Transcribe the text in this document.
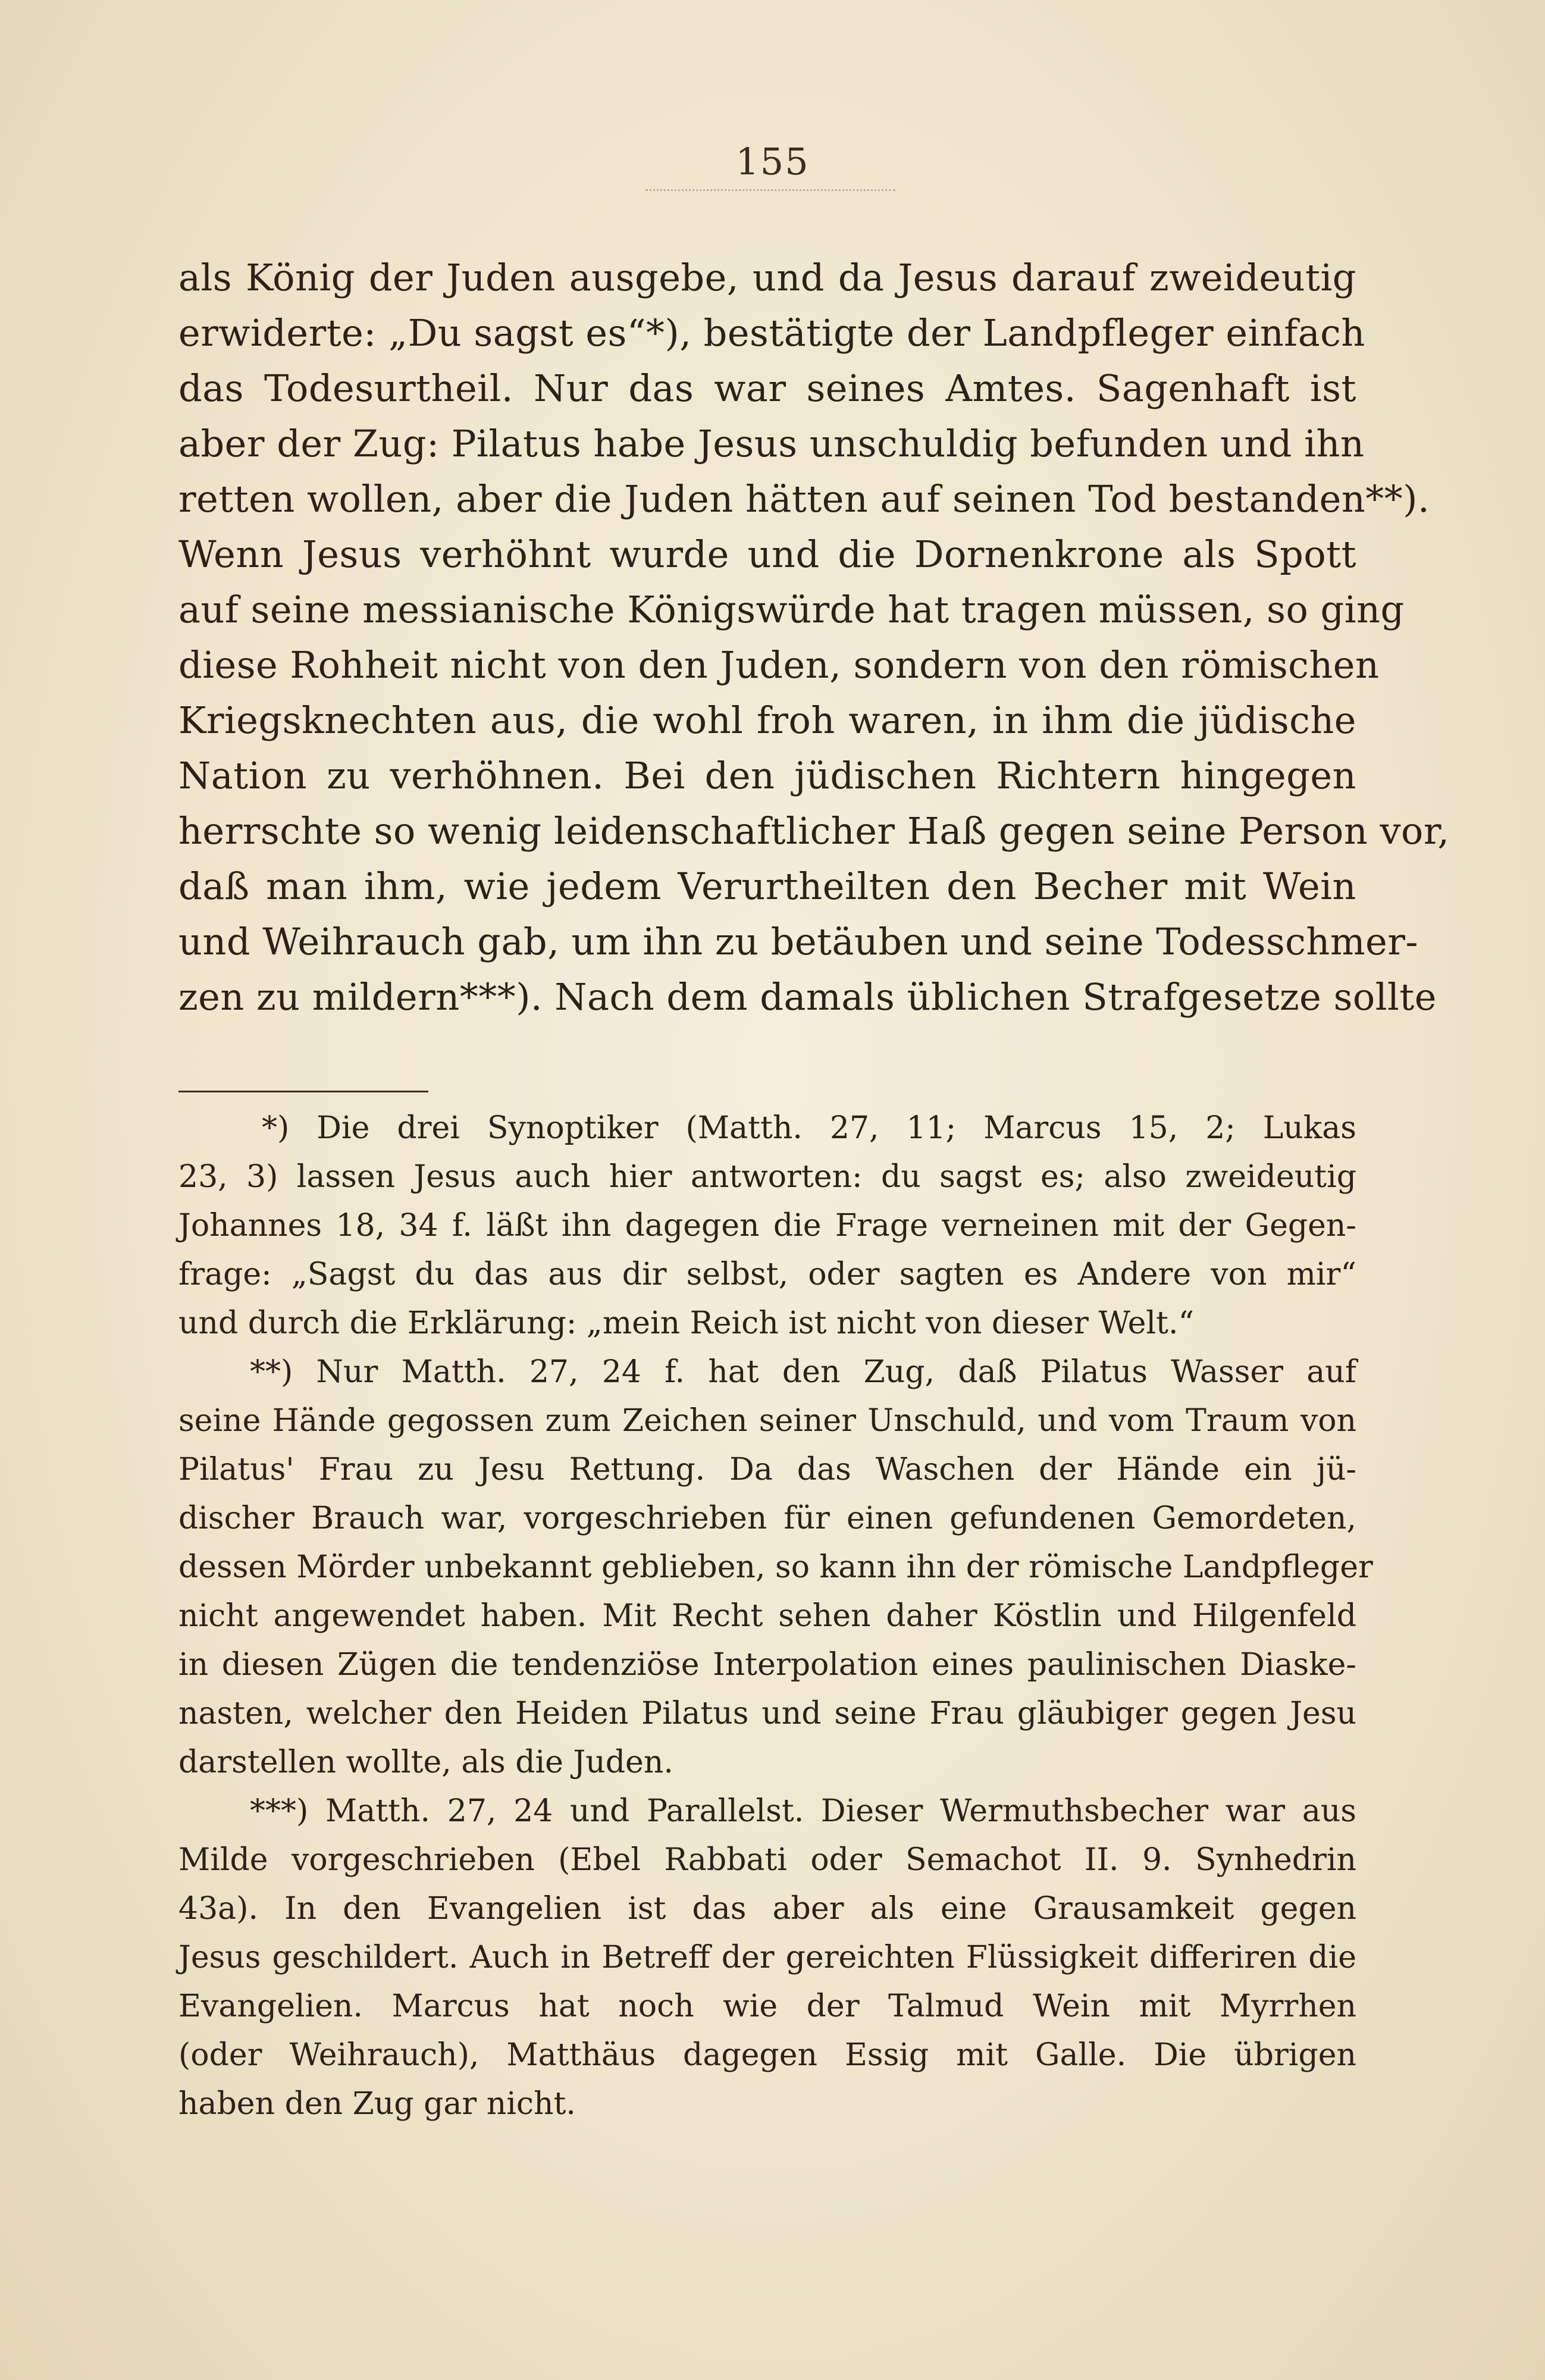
155
als König der Juden ausgebe, und da Jesus darauf zweideutig
erwiderte: „Du sagst es“*), bestätigte der Landpfleger einfach
das Todesurtheil. Nur das war seines Amtes. Sagenhaft ist
aber der Zug: Pilatus habe Jesus unschuldig befunden und ihn
retten wollen, aber die Juden hätten auf seinen Tod bestanden**).
Wenn Jesus verhöhnt wurde und die Dornenkrone als Spott
auf seine messianische Königswürde hat tragen müssen, so ging
diese Rohheit nicht von den Juden, sondern von den römischen
Kriegsknechten aus, die wohl froh waren, in ihm die jüdische
Nation zu verhöhnen. Bei den jüdischen Richtern hingegen
herrschte so wenig leidenschaftlicher Haß gegen seine Person vor,
daß man ihm, wie jedem Verurtheilten den Becher mit Wein
und Weihrauch gab, um ihn zu betäuben und seine Todesschmer-
zen zu mildern***). Nach dem damals üblichen Strafgesetze sollte
*) Die drei Synoptiker (Matth. 27, 11; Marcus 15, 2; Lukas
23, 3) lassen Jesus auch hier antworten: du sagst es; also zweideutig
Johannes 18, 34 f. läßt ihn dagegen die Frage verneinen mit der Gegen-
frage: „Sagst du das aus dir selbst, oder sagten es Andere von mir“
und durch die Erklärung: „mein Reich ist nicht von dieser Welt.“
**) Nur Matth. 27, 24 f. hat den Zug, daß Pilatus Wasser auf
seine Hände gegossen zum Zeichen seiner Unschuld, und vom Traum von
Pilatus' Frau zu Jesu Rettung. Da das Waschen der Hände ein jü-
discher Brauch war, vorgeschrieben für einen gefundenen Gemordeten,
dessen Mörder unbekannt geblieben, so kann ihn der römische Landpfleger
nicht angewendet haben. Mit Recht sehen daher Köstlin und Hilgenfeld
in diesen Zügen die tendenziöse Interpolation eines paulinischen Diaske-
nasten, welcher den Heiden Pilatus und seine Frau gläubiger gegen Jesu
darstellen wollte, als die Juden.
***) Matth. 27, 24 und Parallelst. Dieser Wermuthsbecher war aus
Milde vorgeschrieben (Ebel Rabbati oder Semachot II. 9. Synhedrin
43a). In den Evangelien ist das aber als eine Grausamkeit gegen
Jesus geschildert. Auch in Betreff der gereichten Flüssigkeit differiren die
Evangelien. Marcus hat noch wie der Talmud Wein mit Myrrhen
(oder Weihrauch), Matthäus dagegen Essig mit Galle. Die übrigen
haben den Zug gar nicht.
